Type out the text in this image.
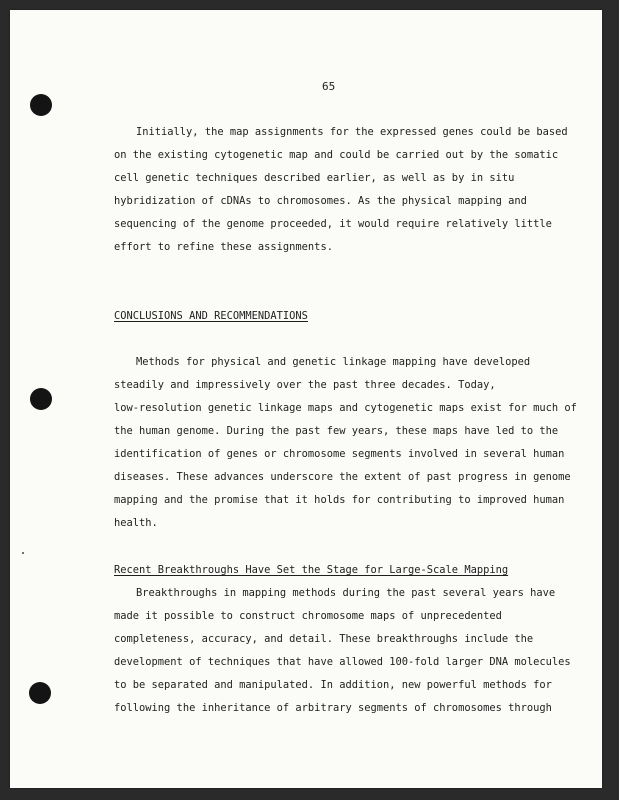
65
Initially, the map assignments for the expressed genes could be based
on the existing cytogenetic map and could be carried out by the somatic
cell genetic techniques described earlier, as well as by in situ
hybridization of cDNAs to chromosomes. As the physical mapping and
sequencing of the genome proceeded, it would require relatively little
effort to refine these assignments.
CONCLUSIONS AND RECOMMENDATIONS
Methods for physical and genetic linkage mapping have developed
steadily and impressively over the past three decades. Today,
low-resolution genetic linkage maps and cytogenetic maps exist for much of
the human genome. During the past few years, these maps have led to the
identification of genes or chromosome segments involved in several human
diseases. These advances underscore the extent of past progress in genome
mapping and the promise that it holds for contributing to improved human
health.
Recent Breakthroughs Have Set the Stage for Large-Scale Mapping
Breakthroughs in mapping methods during the past several years have
made it possible to construct chromosome maps of unprecedented
completeness, accuracy, and detail. These breakthroughs include the
development of techniques that have allowed 100-fold larger DNA molecules
to be separated and manipulated. In addition, new powerful methods for
following the inheritance of arbitrary segments of chromosomes through
